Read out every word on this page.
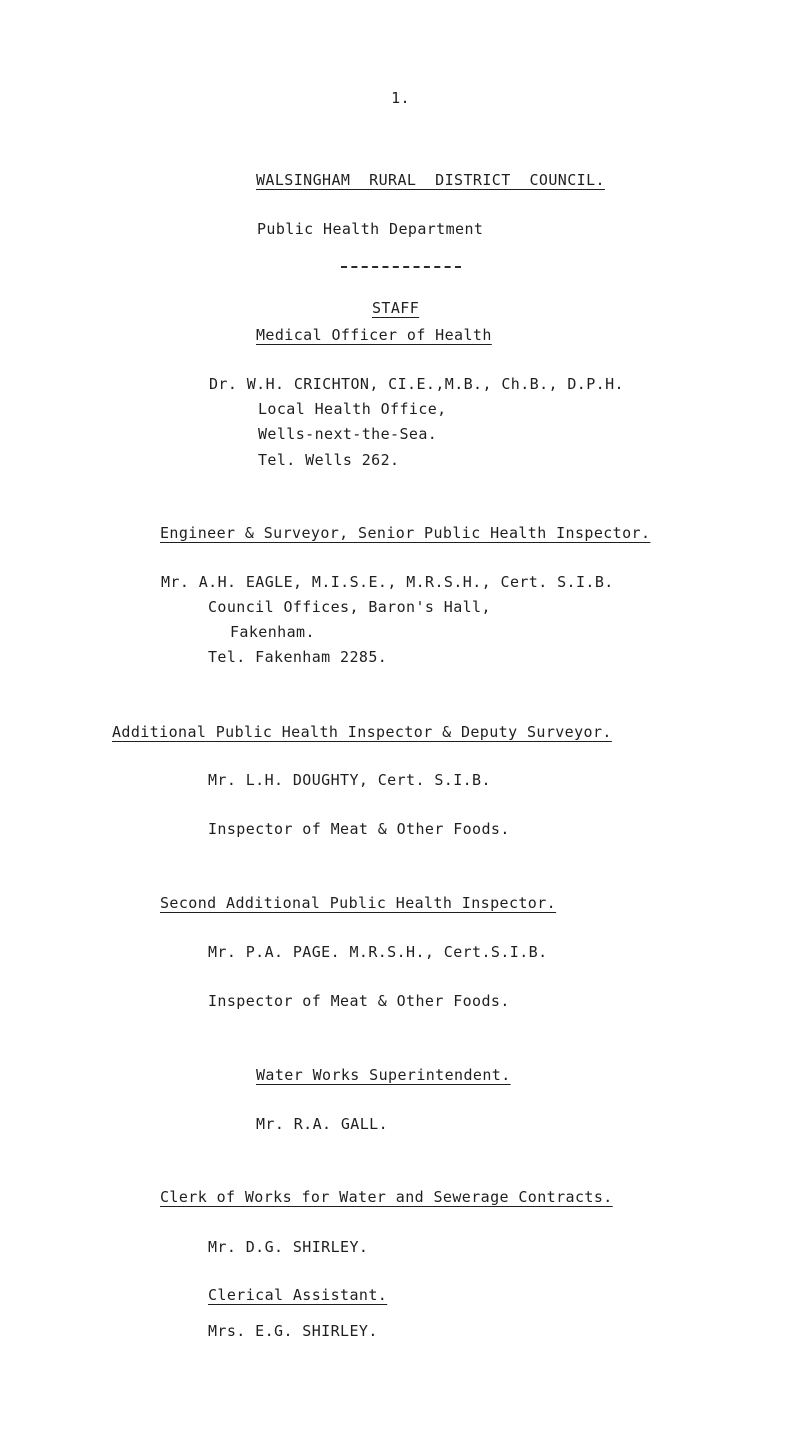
1.
WALSINGHAM  RURAL  DISTRICT  COUNCIL.
Public Health Department
STAFF
Medical Officer of Health
Dr. W.H. CRICHTON, CI.E.,M.B., Ch.B., D.P.H.
Local Health Office,
Wells-next-the-Sea.
Tel. Wells 262.
Engineer & Surveyor, Senior Public Health Inspector.
Mr. A.H. EAGLE, M.I.S.E., M.R.S.H., Cert. S.I.B.
Council Offices, Baron's Hall,
Fakenham.
Tel. Fakenham 2285.
Additional Public Health Inspector & Deputy Surveyor.
Mr. L.H. DOUGHTY, Cert. S.I.B.
Inspector of Meat & Other Foods.
Second Additional Public Health Inspector.
Mr. P.A. PAGE. M.R.S.H., Cert.S.I.B.
Inspector of Meat & Other Foods.
Water Works Superintendent.
Mr. R.A. GALL.
Clerk of Works for Water and Sewerage Contracts.
Mr. D.G. SHIRLEY.
Clerical Assistant.
Mrs. E.G. SHIRLEY.
